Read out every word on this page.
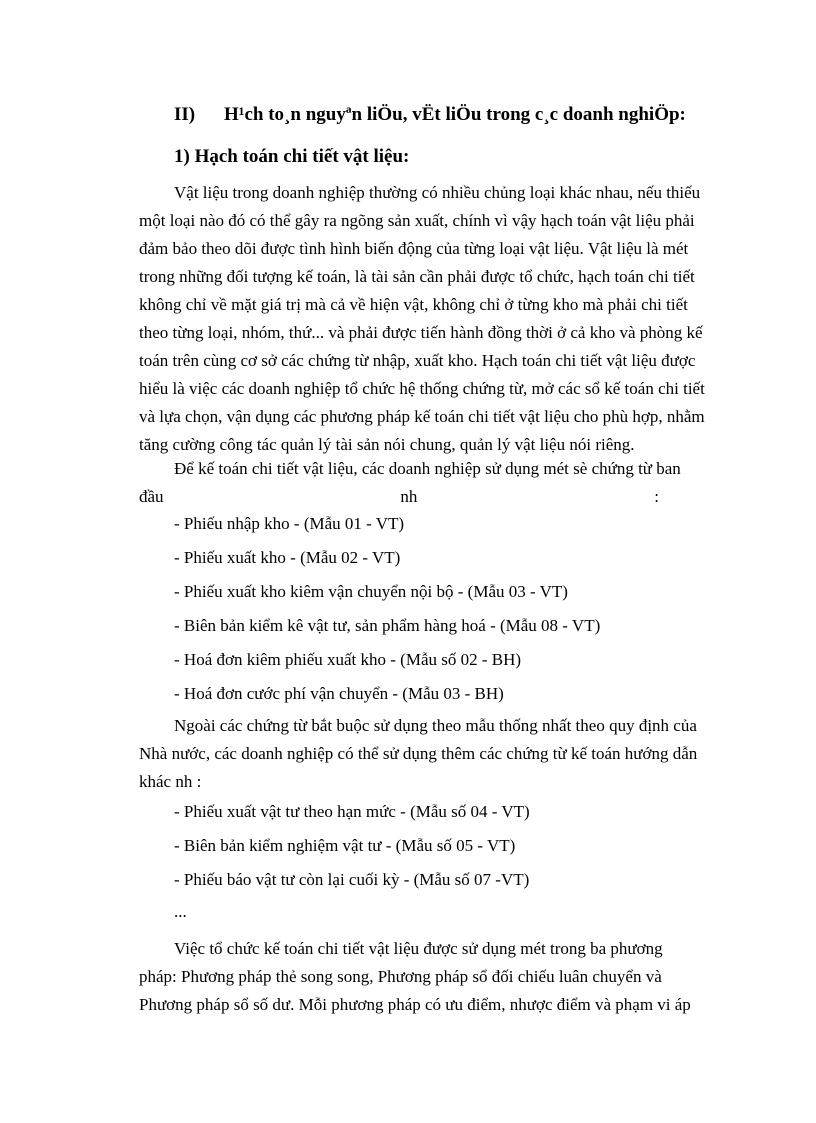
II) H¹ch to¸n nguyªn liÖu, vËt liÖu trong c¸c doanh nghiÖp:
1) Hạch toán chi tiết vật liệu:
Vật liệu trong doanh nghiệp thường có nhiều chủng loại khác nhau, nếu thiếu
một loại nào đó có thể gây ra ngõng sản xuất, chính vì vậy hạch toán vật liệu phải
đảm bảo theo dõi được tình hình biến động của từng loại vật liệu. Vật liệu là mét
trong những đối tượng kế toán, là tài sản cần phải được tổ chức, hạch toán chi tiết
không chỉ về mặt giá trị mà cả về hiện vật, không chỉ ở từng kho mà phải chi tiết
theo từng loại, nhóm, thứ... và phải được tiến hành đồng thời ở cả kho và phòng kế
toán trên cùng cơ sở các chứng từ nhập, xuất kho. Hạch toán chi tiết vật liệu được
hiểu là việc các doanh nghiệp tổ chức hệ thống chứng từ, mở các sổ kế toán chi tiết
và lựa chọn, vận dụng các phương pháp kế toán chi tiết vật liệu cho phù hợp, nhằm
tăng cường công tác quản lý tài sản nói chung, quản lý vật liệu nói riêng.
Để kế toán chi tiết vật liệu, các doanh nghiệp sử dụng mét sè chứng từ ban
đầu nh :
- Phiếu nhập kho - (Mẫu 01 - VT)
- Phiếu xuất kho - (Mẫu 02 - VT)
- Phiếu xuất kho kiêm vận chuyển nội bộ - (Mẫu 03 - VT)
- Biên bản kiểm kê vật tư, sản phẩm hàng hoá - (Mẫu 08 - VT)
- Hoá đơn kiêm phiếu xuất kho - (Mẫu số 02 - BH)
- Hoá đơn cước phí vận chuyển - (Mẫu 03 - BH)
Ngoài các chứng từ bắt buộc sử dụng theo mẫu thống nhất theo quy định của
Nhà nước, các doanh nghiệp có thể sử dụng thêm các chứng từ kế toán hướng dẫn
khác nh :
- Phiếu xuất vật tư theo hạn mức - (Mẫu số 04 - VT)
- Biên bản kiểm nghiệm vật tư - (Mẫu số 05 - VT)
- Phiếu báo vật tư còn lại cuối kỳ - (Mẫu số 07 -VT)
...
Việc tổ chức kế toán chi tiết vật liệu được sử dụng mét trong ba phương
pháp: Phương pháp thẻ song song, Phương pháp sổ đối chiếu luân chuyển và
Phương pháp sổ số dư. Mỗi phương pháp có ưu điểm, nhược điểm và phạm vi áp
